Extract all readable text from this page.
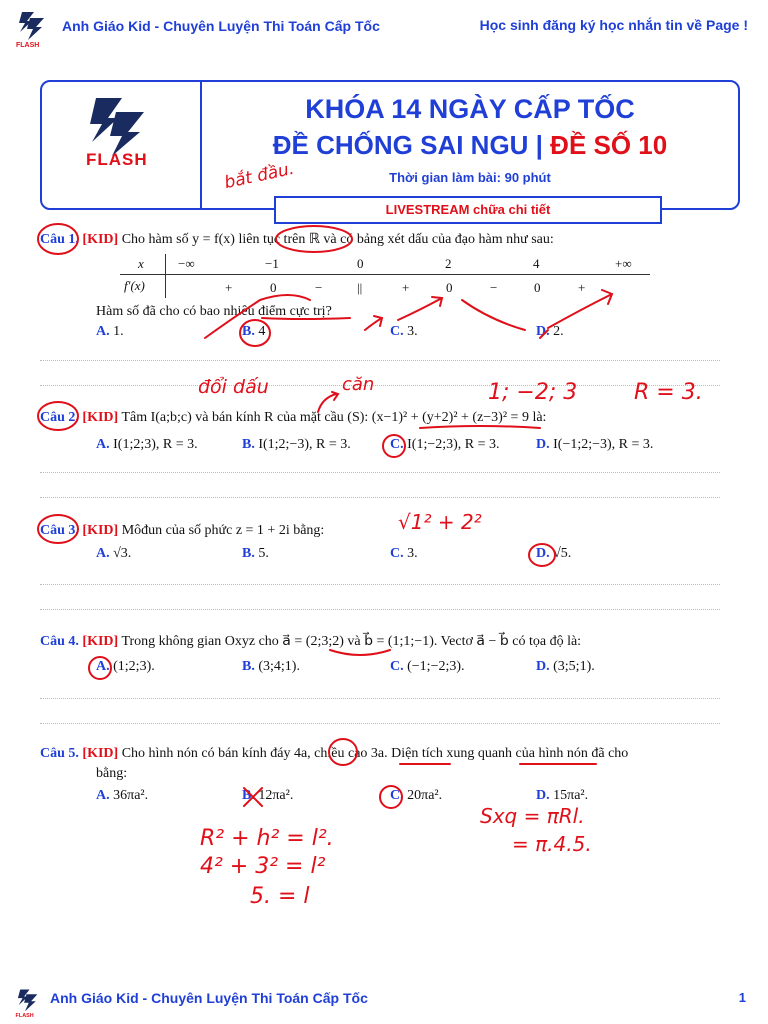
FLASH
Anh Giáo Kid - Chuyên Luyện Thi Toán Cấp Tốc	Học sinh đăng ký học nhắn tin về Page !
FLASH
KHÓA 14 NGÀY CẤP TỐC
ĐỀ CHỐNG SAI NGU | ĐỀ SỐ 10
Thời gian làm bài: 90 phút
LIVESTREAM chữa chi tiết
Câu 1. [KID] Cho hàm số y = f(x) liên tục trên ℝ và có bảng xét dấu của đạo hàm như sau:
x	−∞	−1	0	2	4	+∞
f′(x)	+	0	−	||	+	0	−	0	+
Hàm số đã cho có bao nhiêu điểm cực trị?
A. 1.	B. 4	C. 3.	D. 2.
Câu 2. [KID] Tâm I(a;b;c) và bán kính R của mặt cầu (S): (x−1)² + (y+2)² + (z−3)² = 9 là:
A. I(1;2;3), R = 3.	B. I(1;2;−3), R = 3.	C. I(1;−2;3), R = 3.	D. I(−1;2;−3), R = 3.
Câu 3. [KID] Môđun của số phức z = 1 + 2i bằng:
A. √3.	B. 5.	C. 3.	D. √5.
Câu 4. [KID] Trong không gian Oxyz cho a⃗ = (2;3;2) và b⃗ = (1;1;−1). Vectơ a⃗ − b⃗ có tọa độ là:
A. (1;2;3).	B. (3;4;1).	C. (−1;−2;3).	D. (3;5;1).
Câu 5. [KID] Cho hình nón có bán kính đáy 4a, chiều cao 3a. Diện tích xung quanh của hình nón đã cho
bằng:
A. 36πa².	B. 12πa².	C. 20πa².	D. 15πa².
bắt đầu.
đổi dấu	căn	1; −2; 3	R = 3.
√1² + 2²
R² + h² = l².
4² + 3² = l²
5. = l
Sxq = πRl.
= π.4.5.
FLASH
Anh Giáo Kid - Chuyên Luyện Thi Toán Cấp Tốc	1
